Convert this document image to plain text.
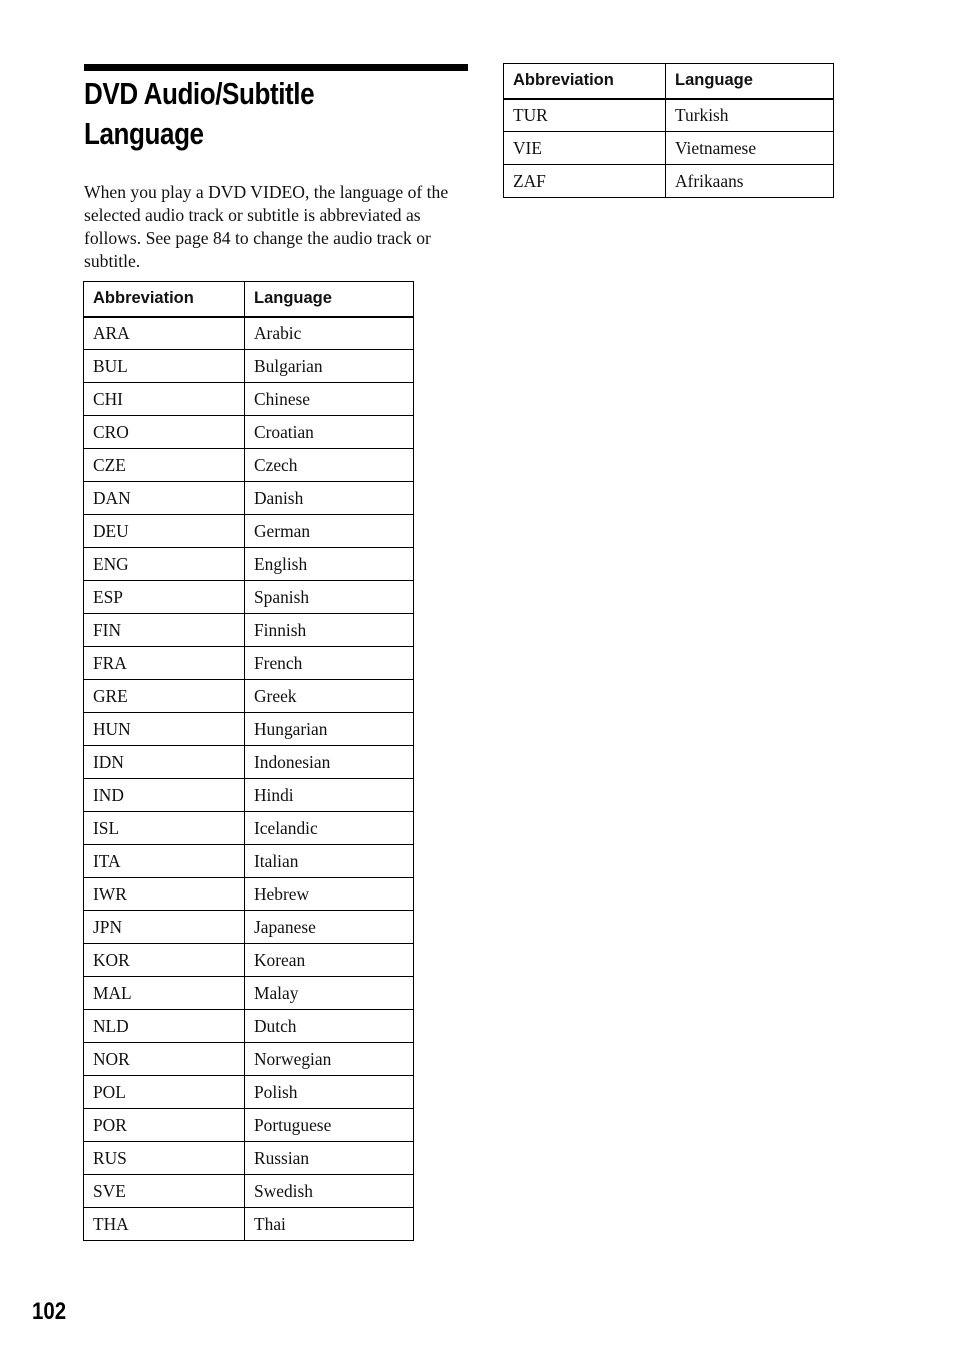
DVD Audio/Subtitle
Language

When you play a DVD VIDEO, the language of the selected audio track or subtitle is abbreviated as follows. See page 84 to change the audio track or subtitle.

Abbreviation	Language
ARA	Arabic
BUL	Bulgarian
CHI	Chinese
CRO	Croatian
CZE	Czech
DAN	Danish
DEU	German
ENG	English
ESP	Spanish
FIN	Finnish
FRA	French
GRE	Greek
HUN	Hungarian
IDN	Indonesian
IND	Hindi
ISL	Icelandic
ITA	Italian
IWR	Hebrew
JPN	Japanese
KOR	Korean
MAL	Malay
NLD	Dutch
NOR	Norwegian
POL	Polish
POR	Portuguese
RUS	Russian
SVE	Swedish
THA	Thai
Abbreviation	Language
TUR	Turkish
VIE	Vietnamese
ZAF	Afrikaans
102
